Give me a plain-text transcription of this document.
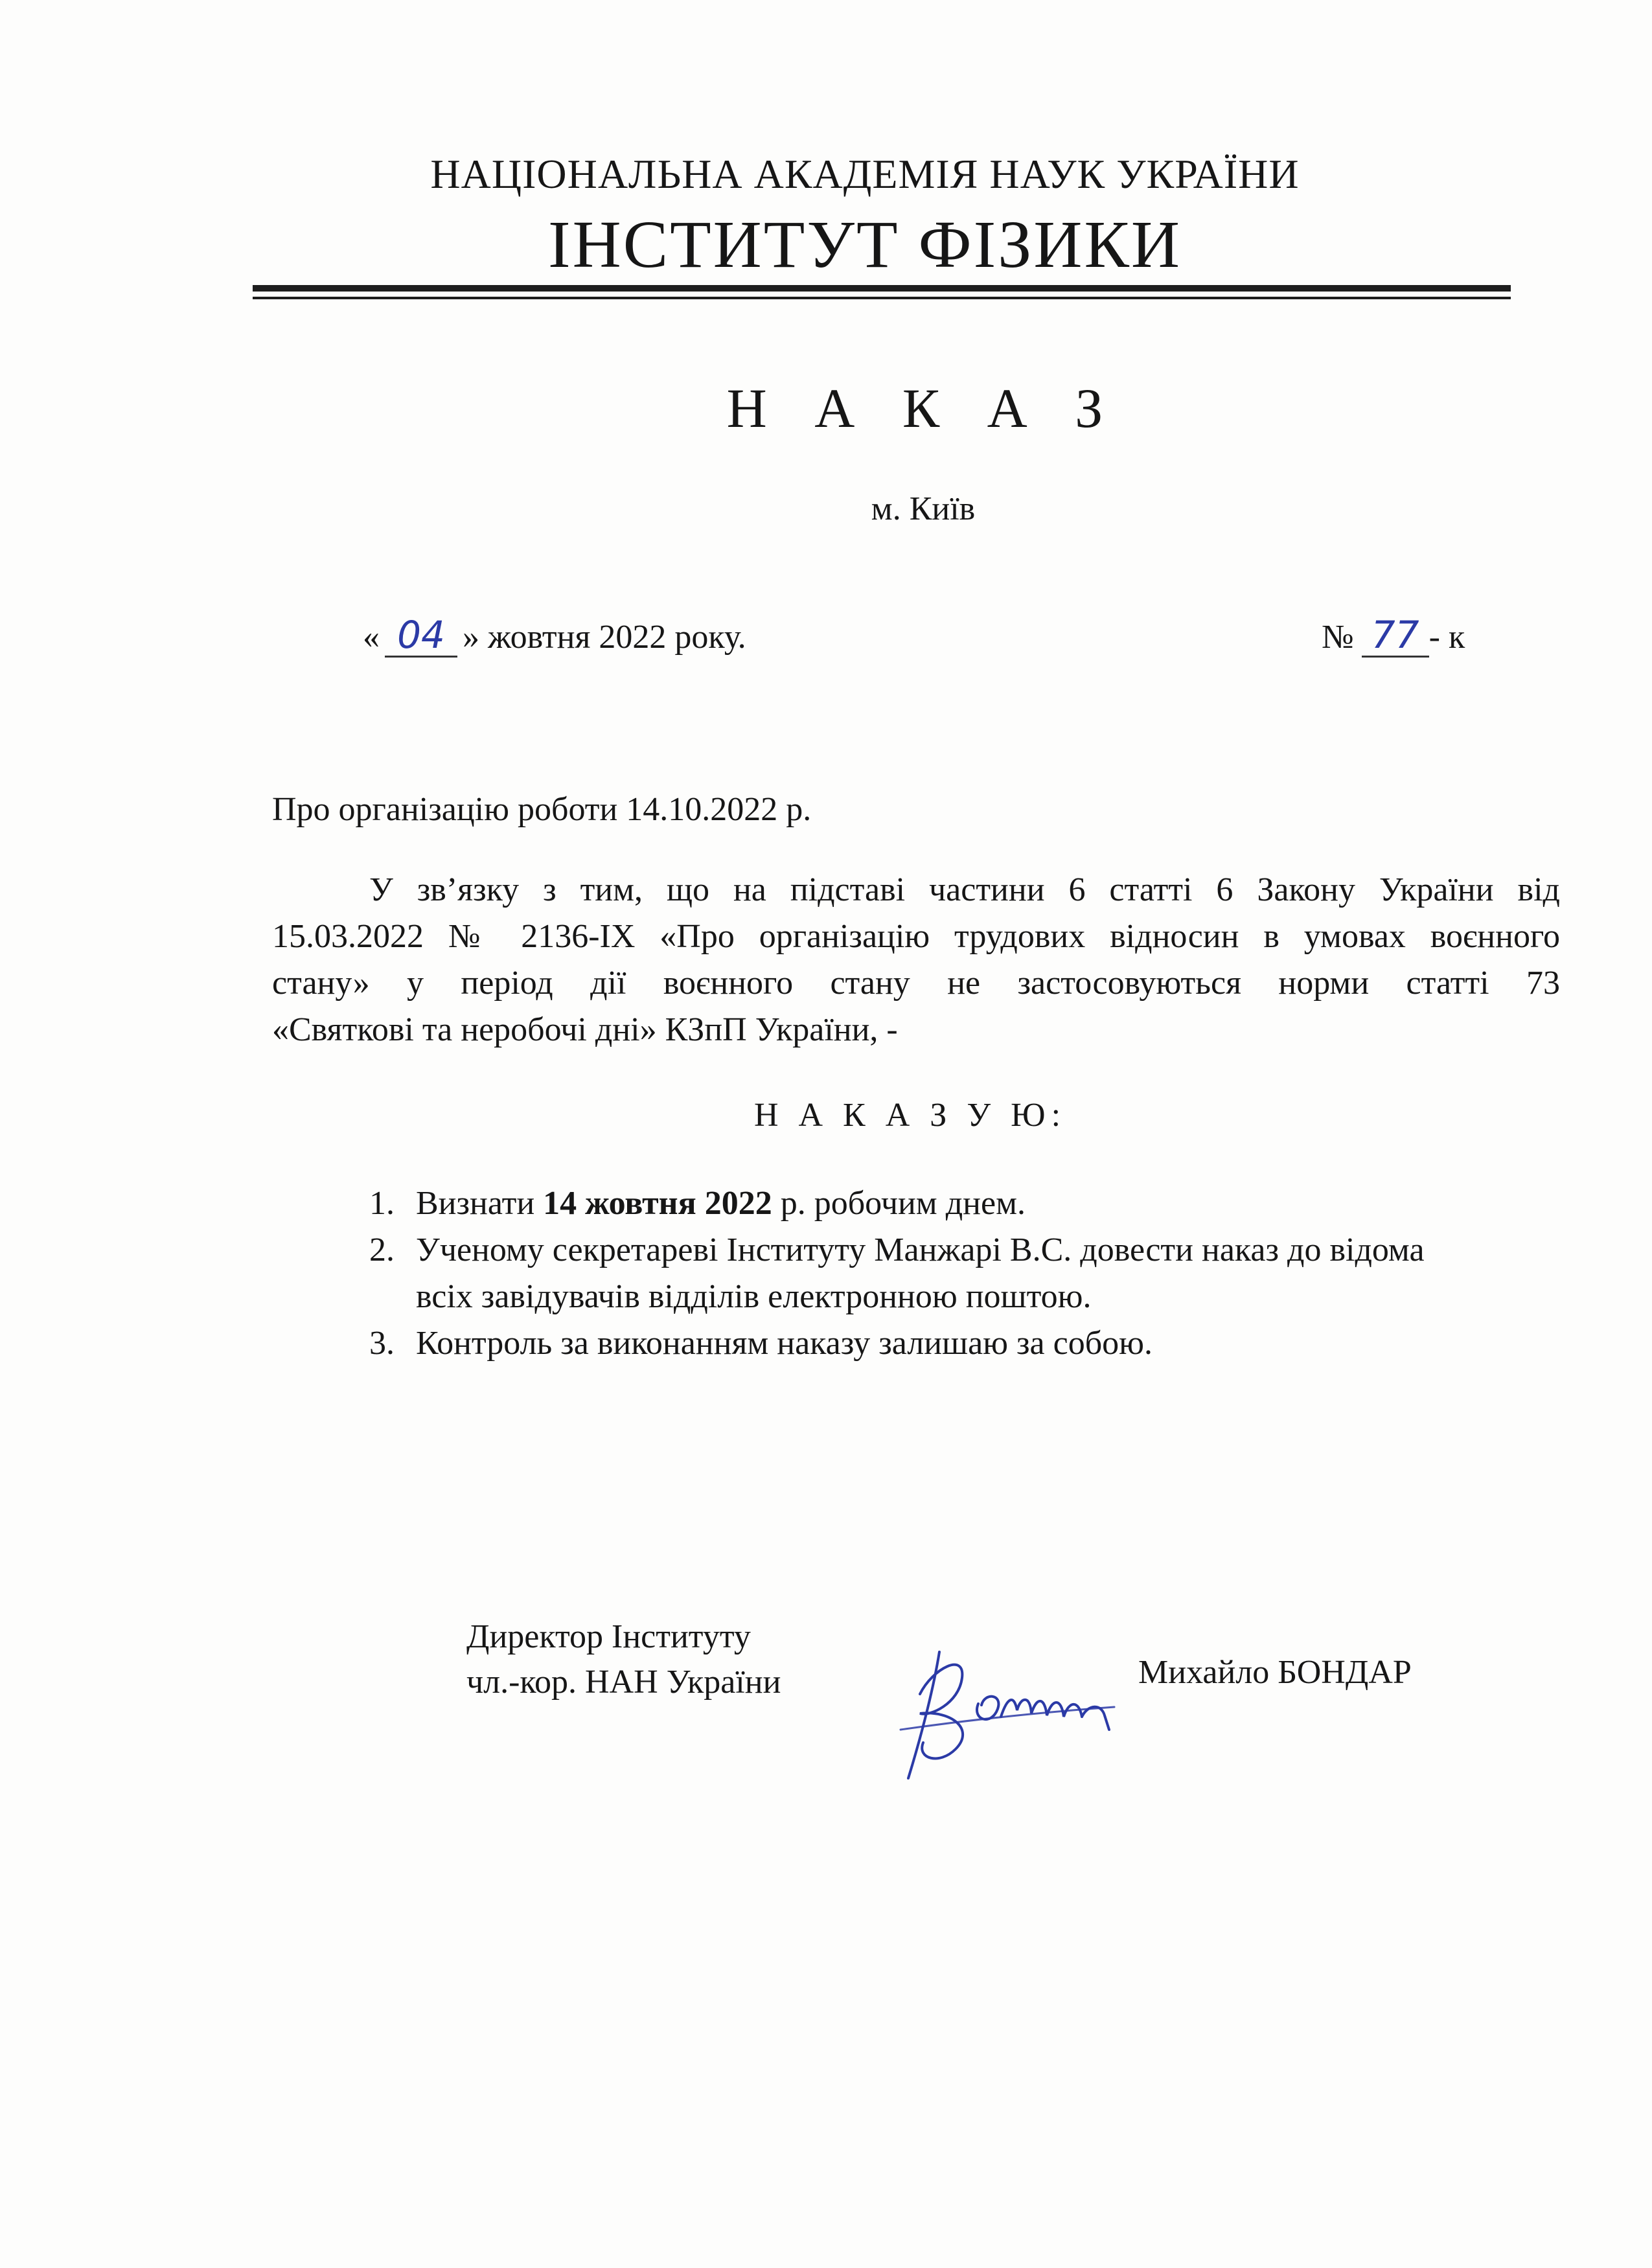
НАЦІОНАЛЬНА АКАДЕМІЯ НАУК УКРАЇНИ
ІНСТИТУТ ФІЗИКИ
Н А К А З
м. Київ
« 04 » жовтня 2022 року.	№ 77 - к
Про організацію роботи 14.10.2022 р.
У зв’язку з тим, що на підставі частини 6 статті 6 Закону України від
15.03.2022 № 2136-IX «Про організацію трудових відносин в умовах воєнного
стану» у період дії воєнного стану не застосовуються норми статті 73
«Святкові та неробочі дні» КЗпП України, -
Н А К А З У Ю:
1. Визнати 14 жовтня 2022 р. робочим днем.
2. Ученому секретареві Інституту Манжарі В.С. довести наказ до відома
всіх завідувачів відділів електронною поштою.
3. Контроль за виконанням наказу залишаю за собою.
Директор Інституту
чл.-кор. НАН України	Михайло БОНДАР
